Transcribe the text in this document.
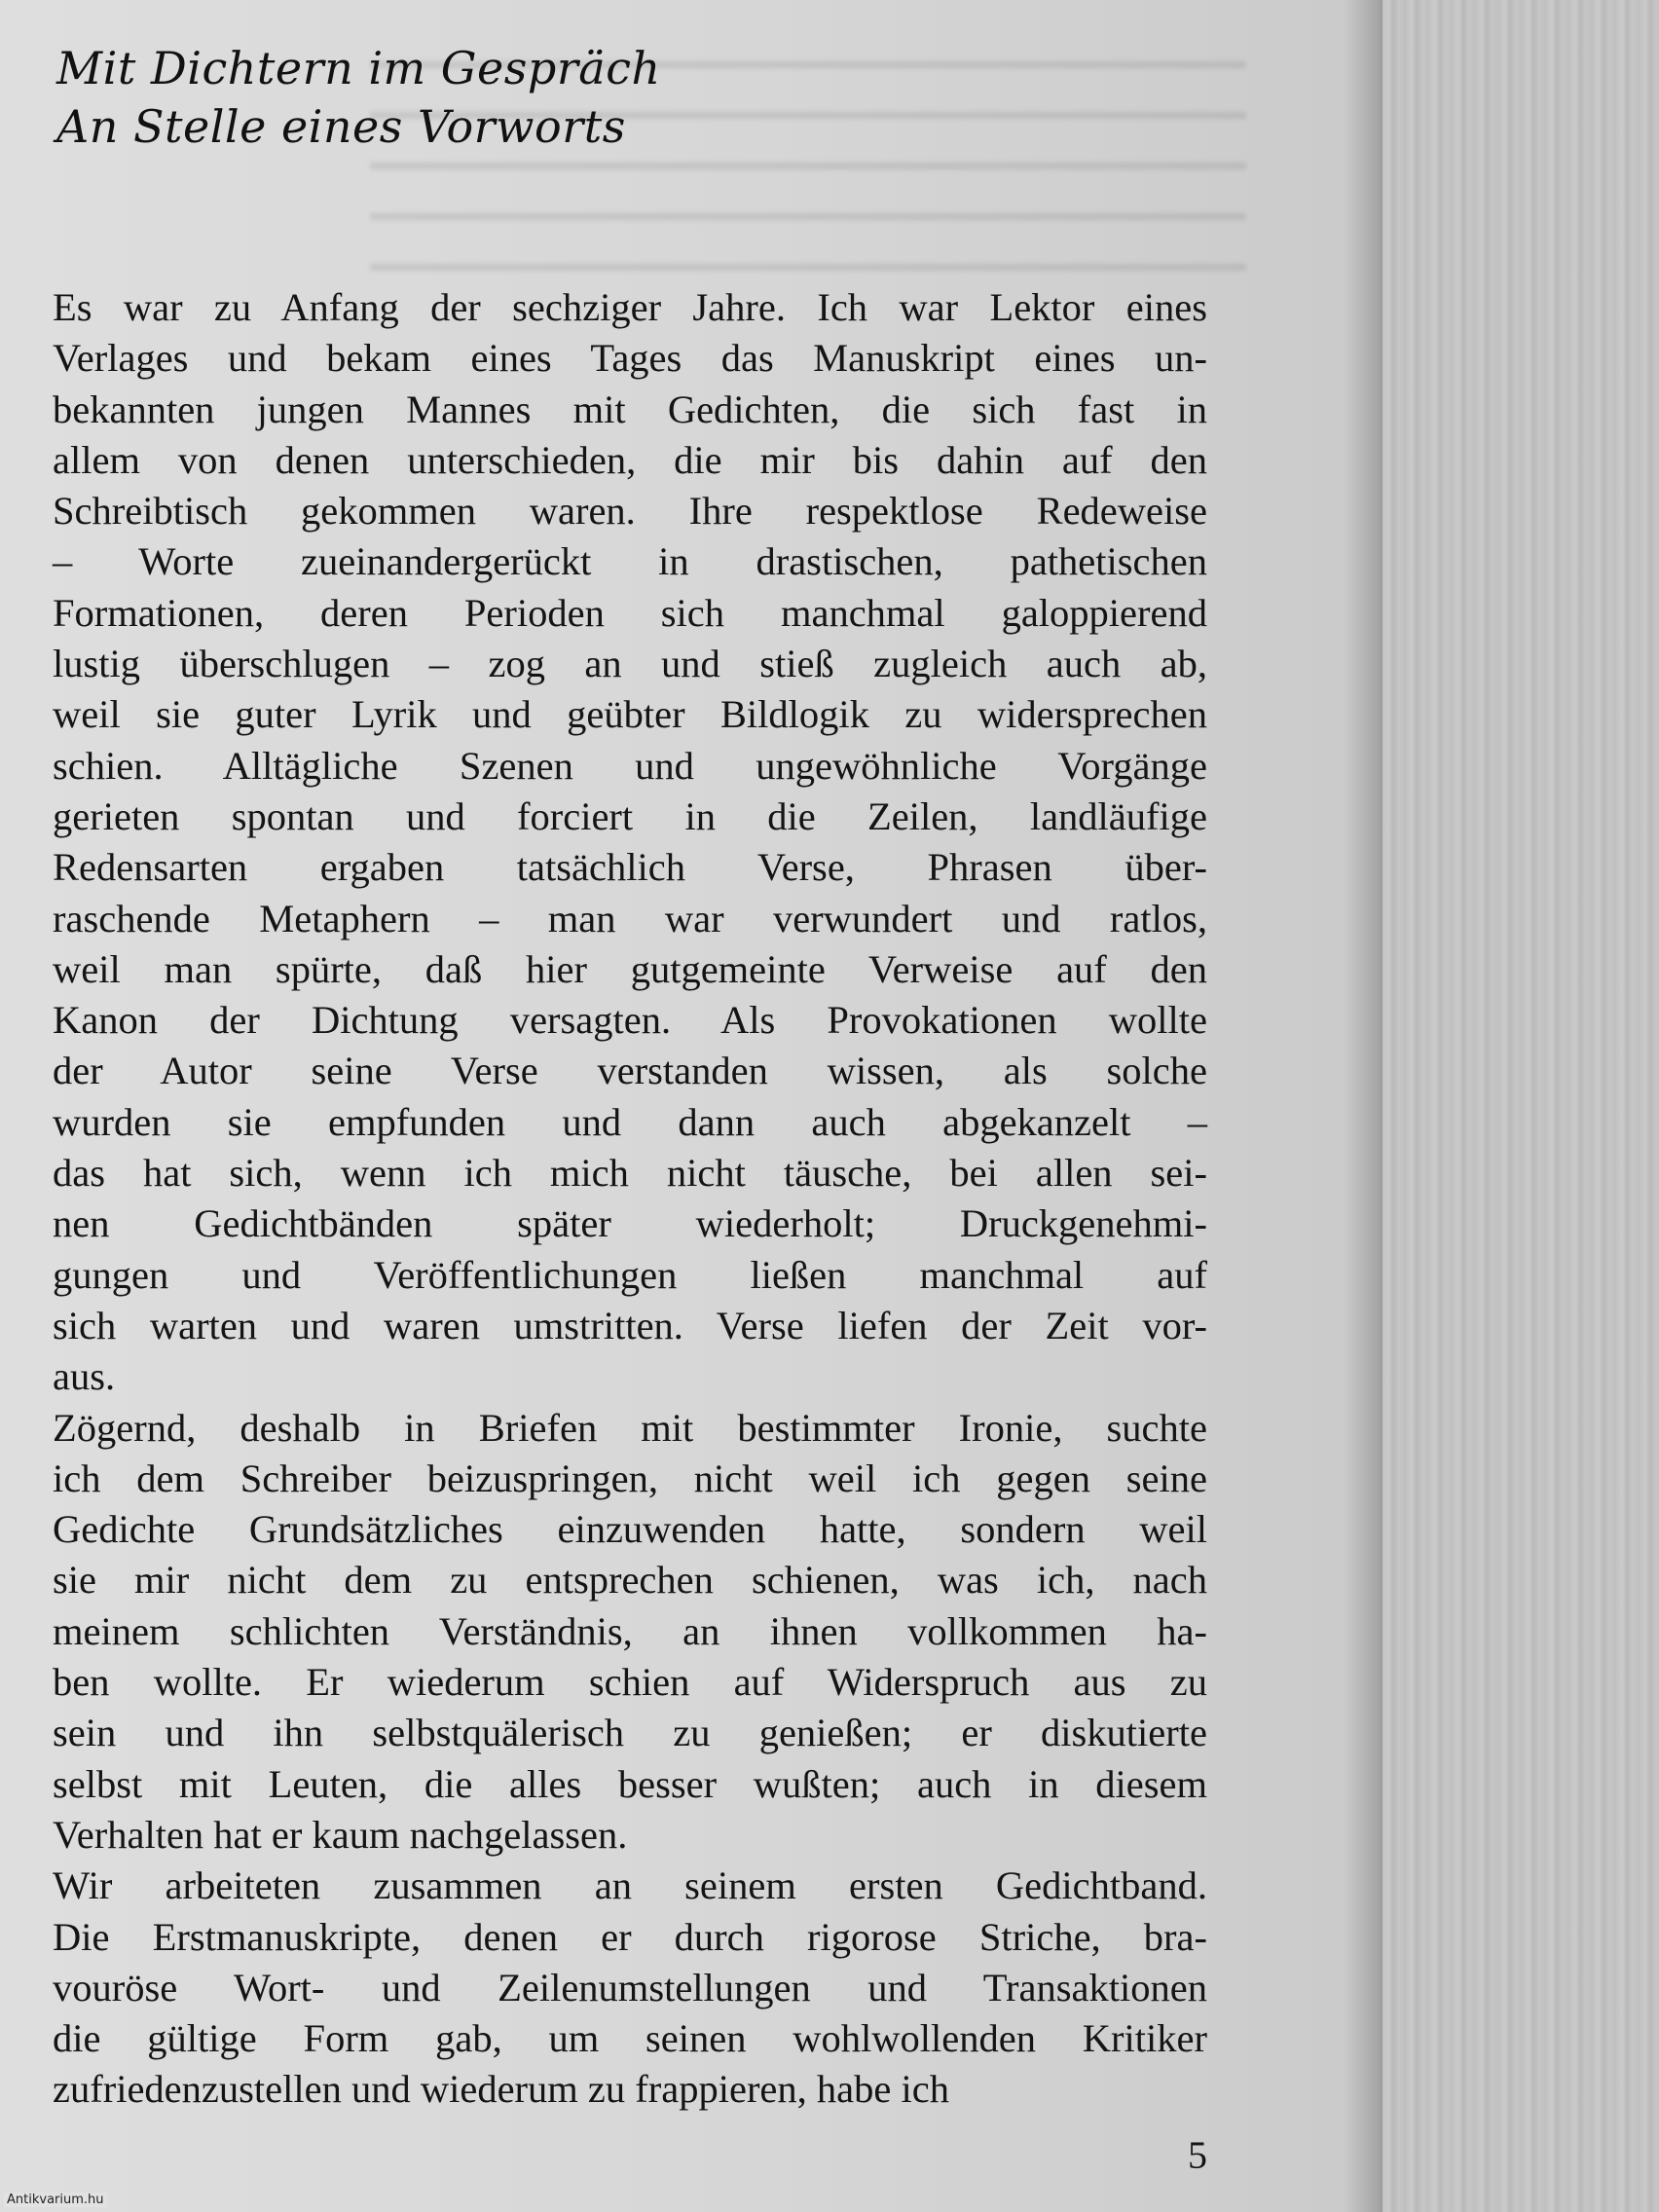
Mit Dichtern im Gespräch
An Stelle eines Vorworts
Es war zu Anfang der sechziger Jahre. Ich war Lektor eines
Verlages und bekam eines Tages das Manuskript eines un-
bekannten jungen Mannes mit Gedichten, die sich fast in
allem von denen unterschieden, die mir bis dahin auf den
Schreibtisch gekommen waren. Ihre respektlose Redeweise
– Worte zueinandergerückt in drastischen, pathetischen
Formationen, deren Perioden sich manchmal galoppierend
lustig überschlugen – zog an und stieß zugleich auch ab,
weil sie guter Lyrik und geübter Bildlogik zu widersprechen
schien. Alltägliche Szenen und ungewöhnliche Vorgänge
gerieten spontan und forciert in die Zeilen, landläufige
Redensarten ergaben tatsächlich Verse, Phrasen über-
raschende Metaphern – man war verwundert und ratlos,
weil man spürte, daß hier gutgemeinte Verweise auf den
Kanon der Dichtung versagten. Als Provokationen wollte
der Autor seine Verse verstanden wissen, als solche
wurden sie empfunden und dann auch abgekanzelt –
das hat sich, wenn ich mich nicht täusche, bei allen sei-
nen Gedichtbänden später wiederholt; Druckgenehmi-
gungen und Veröffentlichungen ließen manchmal auf
sich warten und waren umstritten. Verse liefen der Zeit vor-
aus.
Zögernd, deshalb in Briefen mit bestimmter Ironie, suchte
ich dem Schreiber beizuspringen, nicht weil ich gegen seine
Gedichte Grundsätzliches einzuwenden hatte, sondern weil
sie mir nicht dem zu entsprechen schienen, was ich, nach
meinem schlichten Verständnis, an ihnen vollkommen ha-
ben wollte. Er wiederum schien auf Widerspruch aus zu
sein und ihn selbstquälerisch zu genießen; er diskutierte
selbst mit Leuten, die alles besser wußten; auch in diesem
Verhalten hat er kaum nachgelassen.
Wir arbeiteten zusammen an seinem ersten Gedichtband.
Die Erstmanuskripte, denen er durch rigorose Striche, bra-
vouröse Wort- und Zeilenumstellungen und Transaktionen
die gültige Form gab, um seinen wohlwollenden Kritiker
zufriedenzustellen und wiederum zu frappieren, habe ich
5
Antikvarium.hu
